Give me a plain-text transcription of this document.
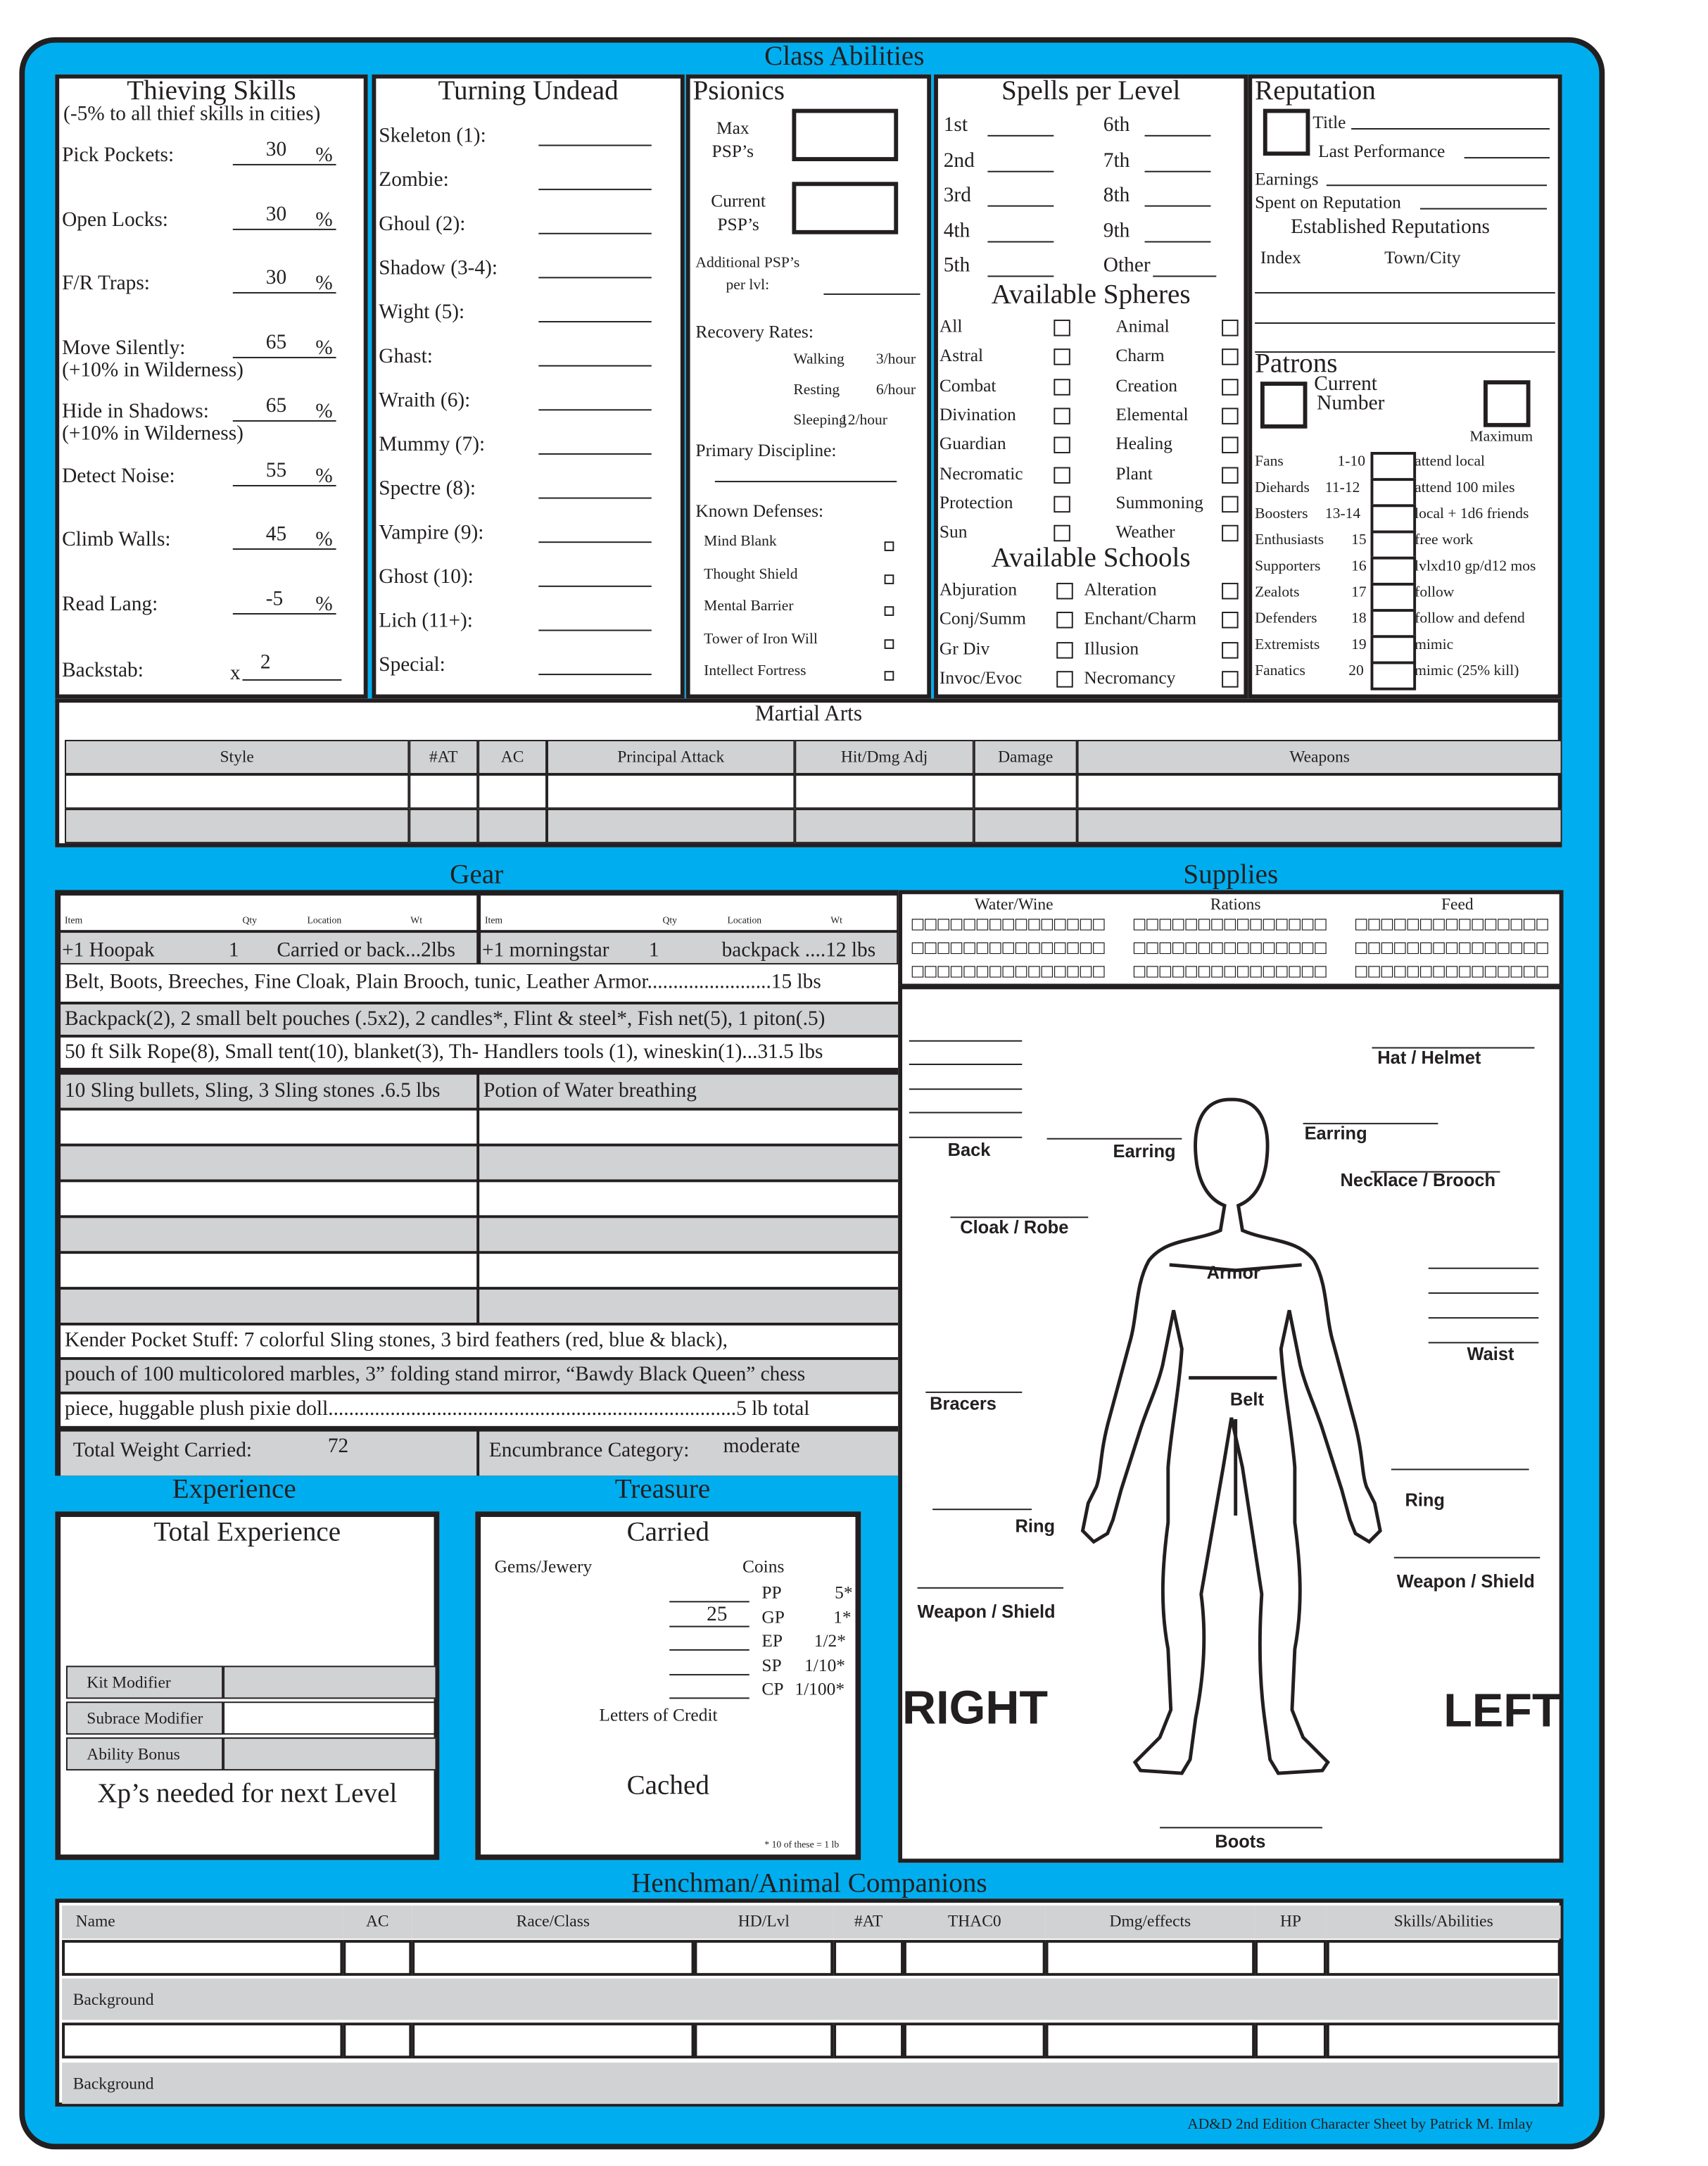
Class Abilities
Thieving Skills
(-5% to all thief skills in cities)
Pick Pockets:	30	%
Open Locks:	30	%
F/R Traps:	30	%
Move Silently:	65	%
(+10% in Wilderness)
Hide in Shadows:	65	%
(+10% in Wilderness)
Detect Noise:	55	%
Climb Walls:	45	%
Read Lang:	-5	%
Backstab:	x 2
Turning Undead
Skeleton (1):
Zombie:
Ghoul (2):
Shadow (3-4):
Wight (5):
Ghast:
Wraith (6):
Mummy (7):
Spectre (8):
Vampire (9):
Ghost (10):
Lich (11+):
Special:
Psionics
Max
PSP’s
Current
PSP’s
Additional PSP’s
per lvl:
Recovery Rates:
Walking	3/hour
Resting	6/hour
Sleeping
12/hour
Primary Discipline:
Known Defenses:
Mind Blank
Thought Shield
Mental Barrier
Tower of Iron Will
Intellect Fortress
Spells per Level
1st	6th
2nd	7th
3rd	8th
4th	9th
5th	Other
Available Spheres
All	Animal
Astral	Charm
Combat	Creation
Divination	Elemental
Guardian	Healing
Necromatic	Plant
Protection	Summoning
Sun	Weather
Available Schools
Abjuration	Alteration
Conj/Summ	Enchant/Charm
Gr Div	Illusion
Invoc/Evoc	Necromancy
Reputation
Title
Last Performance
Earnings
Spent on Reputation
Established Reputations
Index	Town/City
Patrons
Current
Number
Maximum
Fans	1-10	attend local
Diehards 11-12	attend 100 miles
Boosters 13-14	local + 1d6 friends
Enthusiasts	15	free work
Supporters	16	lvlxd10 gp/d12 mos
Zealots	17	follow
Defenders	18	follow and defend
Extremists	19	mimic
Fanatics	20	mimic (25% kill)
Martial Arts
Style	#AT	AC	Principal Attack	Hit/Dmg Adj	Damage	Weapons
Gear
Item	Qty	Location	Wt
+1 Hoopak	1	Carried or back...2lbs
Item	Qty	Location	Wt
+1 morningstar	1	backpack ....12 lbs
Belt, Boots, Breeches, Fine Cloak, Plain Brooch, tunic, Leather Armor........................15 lbs
Backpack(2), 2 small belt pouches (.5x2), 2 candles*, Flint & steel*, Fish net(5), 1 piton(.5)
50 ft Silk Rope(8), Small tent(10), blanket(3), Th- Handlers tools (1), wineskin(1)...31.5 lbs
10 Sling bullets, Sling, 3 Sling stones .6.5 lbs	Potion of Water breathing
Kender Pocket Stuff: 7 colorful Sling stones, 3 bird feathers (red, blue & black),
pouch of 100 multicolored marbles, 3” folding stand mirror, “Bawdy Black Queen” chess
piece, huggable plush pixie doll...............................................................................5 lb total
Total Weight Carried:	72	Encumbrance Category:	moderate
Supplies
Water/Wine
□□□□□□□□□□□□□□□
□□□□□□□□□□□□□□□
□□□□□□□□□□□□□□□
Rations
□□□□□□□□□□□□□□□
□□□□□□□□□□□□□□□
□□□□□□□□□□□□□□□
Feed
□□□□□□□□□□□□□□□
□□□□□□□□□□□□□□□
□□□□□□□□□□□□□□□
Hat / Helmet
Earring
Earring
Back
Necklace / Brooch
Cloak / Robe
Armor
Waist
Bracers	Belt
Ring
Ring
Weapon / Shield
Weapon / Shield
Boots
RIGHT	LEFT
Experience
Total Experience
Kit Modifier
Subrace Modifier
Ability Bonus
Xp’s needed for next Level
Treasure
Carried
Gems/Jewery	Coins
PP	5*
25	GP	1*
EP	1/2*
SP 1/10*
CP 1/100*
Letters of Credit
Cached
* 10 of these = 1 lb
Henchman/Animal Companions
Name	AC	Race/Class	HD/Lvl	#AT	THAC0	Dmg/effects	HP	Skills/Abilities
Background
Background
AD&D 2nd Edition Character Sheet by Patrick M. Imlay
